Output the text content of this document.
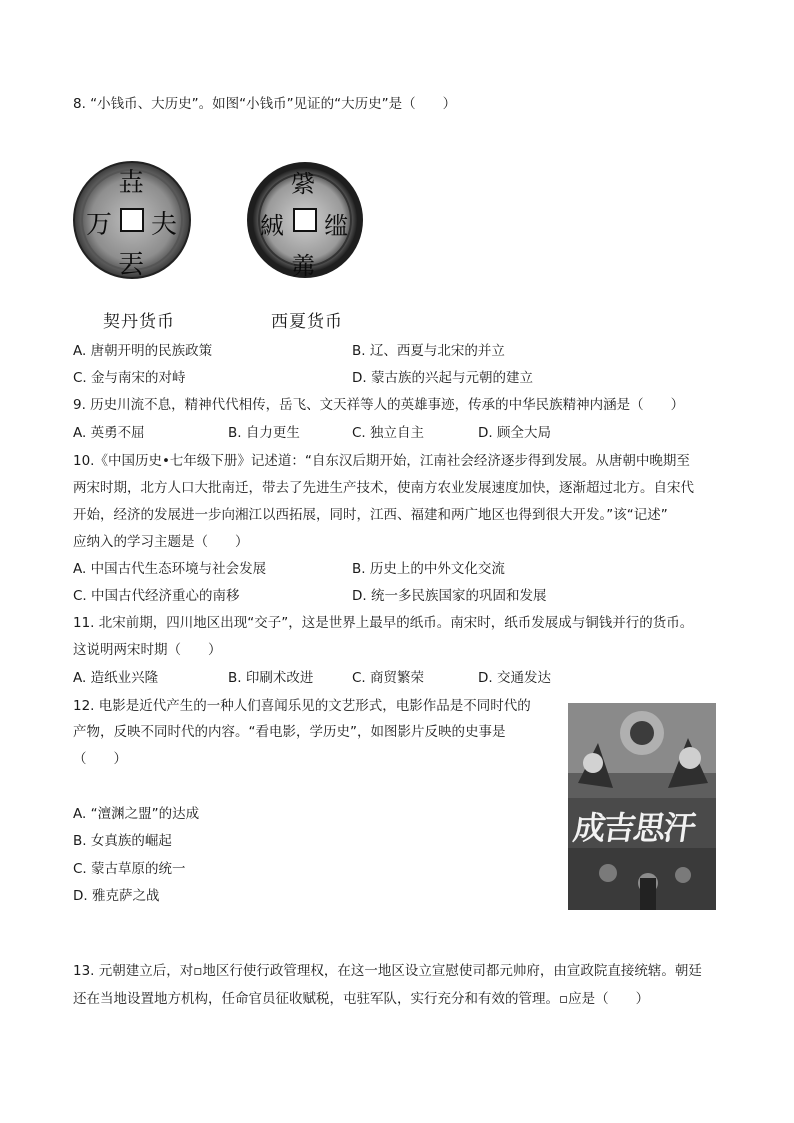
8. “小钱币、大历史”。如图“小钱币”见证的“大历史”是（　　）
壵
万 夫
丟
契丹货币
䋯
絾 䍀
羛
西夏货币
A. 唐朝开明的民族政策	B. 辽、西夏与北宋的并立
C. 金与南宋的对峙	D. 蒙古族的兴起与元朝的建立
9. 历史川流不息，精神代代相传，岳飞、文天祥等人的英雄事迹，传承的中华民族精神内涵是（　　）
A. 英勇不屈	B. 自力更生	C. 独立自主	D. 顾全大局
10.《中国历史•七年级下册》记述道：“自东汉后期开始，江南社会经济逐步得到发展。从唐朝中晚期至
两宋时期，北方人口大批南迁，带去了先进生产技术，使南方农业发展速度加快，逐渐超过北方。自宋代
开始，经济的发展进一步向湘江以西拓展，同时，江西、福建和两广地区也得到很大开发。”该“记述”
应纳入的学习主题是（　　）
A. 中国古代生态环境与社会发展	B. 历史上的中外文化交流
C. 中国古代经济重心的南移	D. 统一多民族国家的巩固和发展
11. 北宋前期，四川地区出现“交子”，这是世界上最早的纸币。南宋时，纸币发展成与铜钱并行的货币。
这说明两宋时期（　　）
A. 造纸业兴隆	B. 印刷术改进	C. 商贸繁荣	D. 交通发达
12. 电影是近代产生的一种人们喜闻乐见的文艺形式，电影作品是不同时代的
产物，反映不同时代的内容。“看电影，学历史”，如图影片反映的史事是
（　　）
A. “澶渊之盟”的达成
B. 女真族的崛起
C. 蒙古草原的统一
D. 雅克萨之战
成吉思汗
13. 元朝建立后，对▫地区行使行政管理权，在这一地区设立宣慰使司都元帅府，由宣政院直接统辖。朝廷
还在当地设置地方机构，任命官员征收赋税，屯驻军队，实行充分和有效的管理。▫应是（　　）
